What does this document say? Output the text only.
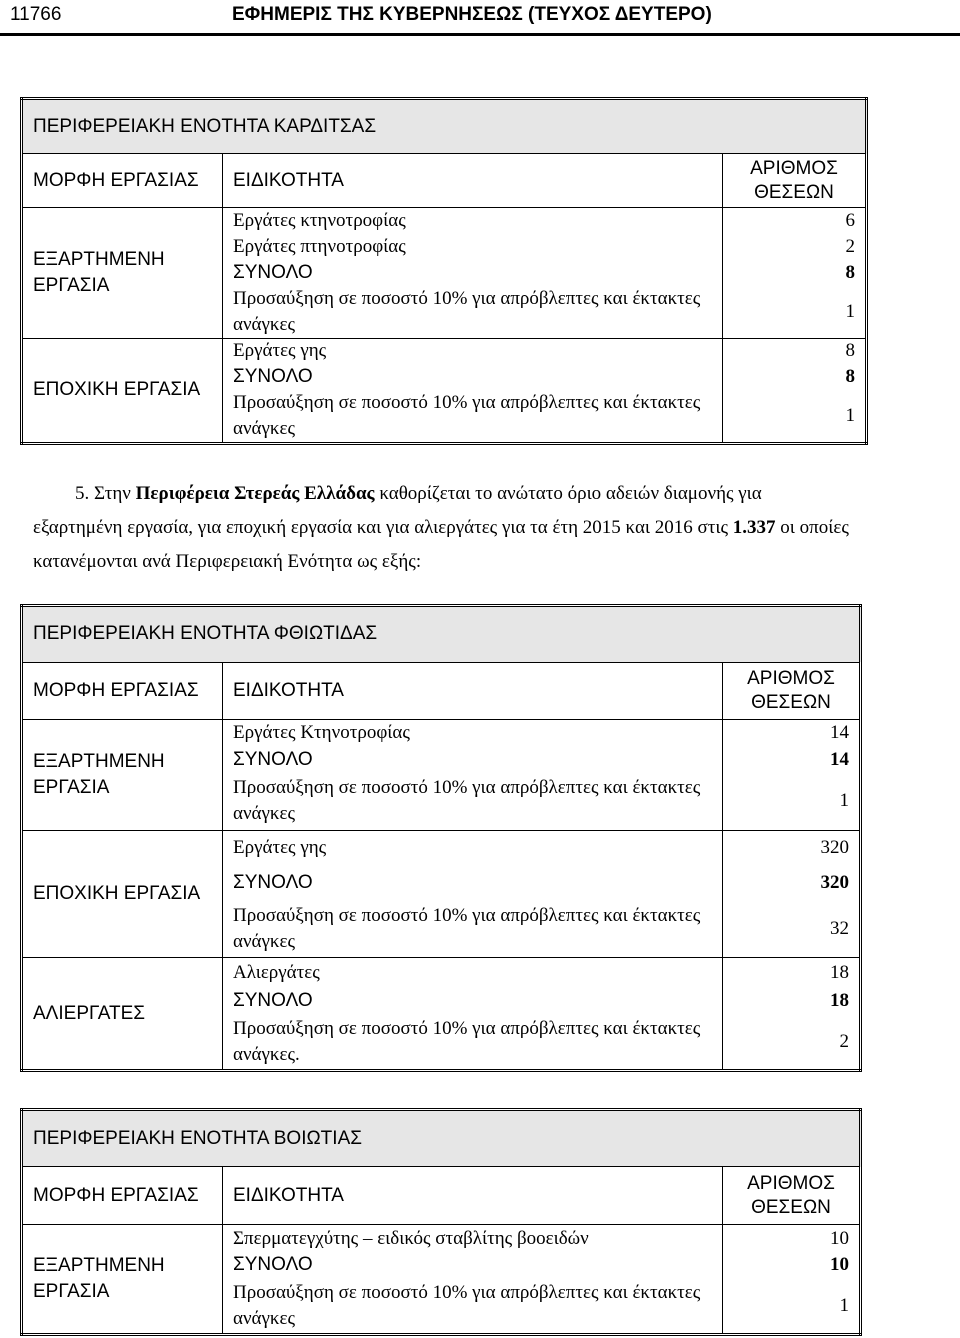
11766	ΕΦΗΜΕΡΙΣ ΤΗΣ ΚΥΒΕΡΝΗΣΕΩΣ (ΤΕΥΧΟΣ ΔΕΥΤΕΡΟ)
ΠΕΡΙΦΕΡΕΙΑΚΗ ΕΝΟΤΗΤΑ ΚΑΡΔΙΤΣΑΣ		
ΜΟΡΦΗ ΕΡΓΑΣΙΑΣ	ΕΙΔΙΚΟΤΗΤΑ	ΑΡΙΘΜΟΣ ΘΕΣΕΩΝ
ΕΞΑΡΤΗΜΕΝΗ ΕΡΓΑΣΙΑ	Εργάτες κτηνοτροφίας	6
	Εργάτες πτηνοτροφίας	2
	ΣΥΝΟΛΟ	8
	Προσαύξηση σε ποσοστό 10% για απρόβλεπτες και έκτακτες ανάγκες	1

ΕΠΟΧΙΚΗ ΕΡΓΑΣΙΑ	Εργάτες γης	8
	ΣΥΝΟΛΟ	8
	Προσαύξηση σε ποσοστό 10% για απρόβλεπτες και έκτακτες ανάγκες	1

5. Στην Περιφέρεια Στερεάς Ελλάδας καθορίζεται το ανώτατο όριο αδειών διαμονής για εξαρτημένη εργασία, για εποχική εργασία και για αλιεργάτες για τα έτη 2015 και 2016 στις 1.337 οι οποίες κατανέμονται ανά Περιφερειακή Ενότητα ως εξής:

ΠΕΡΙΦΕΡΕΙΑΚΗ ΕΝΟΤΗΤΑ ΦΘΙΩΤΙΔΑΣ		
ΜΟΡΦΗ ΕΡΓΑΣΙΑΣ	ΕΙΔΙΚΟΤΗΤΑ	ΑΡΙΘΜΟΣ ΘΕΣΕΩΝ
ΕΞΑΡΤΗΜΕΝΗ ΕΡΓΑΣΙΑ	Εργάτες Κτηνοτροφίας	14
	ΣΥΝΟΛΟ	14
	Προσαύξηση σε ποσοστό 10% για απρόβλεπτες και έκτακτες ανάγκες	1

ΕΠΟΧΙΚΗ ΕΡΓΑΣΙΑ	Εργάτες γης	320
	ΣΥΝΟΛΟ	320
	Προσαύξηση σε ποσοστό 10% για απρόβλεπτες και έκτακτες ανάγκες	32

ΑΛΙΕΡΓΑΤΕΣ	Αλιεργάτες	18
	ΣΥΝΟΛΟ	18
	Προσαύξηση σε ποσοστό 10% για απρόβλεπτες και έκτακτες ανάγκες.	2

ΠΕΡΙΦΕΡΕΙΑΚΗ ΕΝΟΤΗΤΑ ΒΟΙΩΤΙΑΣ		
ΜΟΡΦΗ ΕΡΓΑΣΙΑΣ	ΕΙΔΙΚΟΤΗΤΑ	ΑΡΙΘΜΟΣ ΘΕΣΕΩΝ
ΕΞΑΡΤΗΜΕΝΗ ΕΡΓΑΣΙΑ	Σπερματεγχύτης – ειδικός σταβλίτης βοοειδών	10
	ΣΥΝΟΛΟ	10
	Προσαύξηση σε ποσοστό 10% για απρόβλεπτες και έκτακτες ανάγκες	1
